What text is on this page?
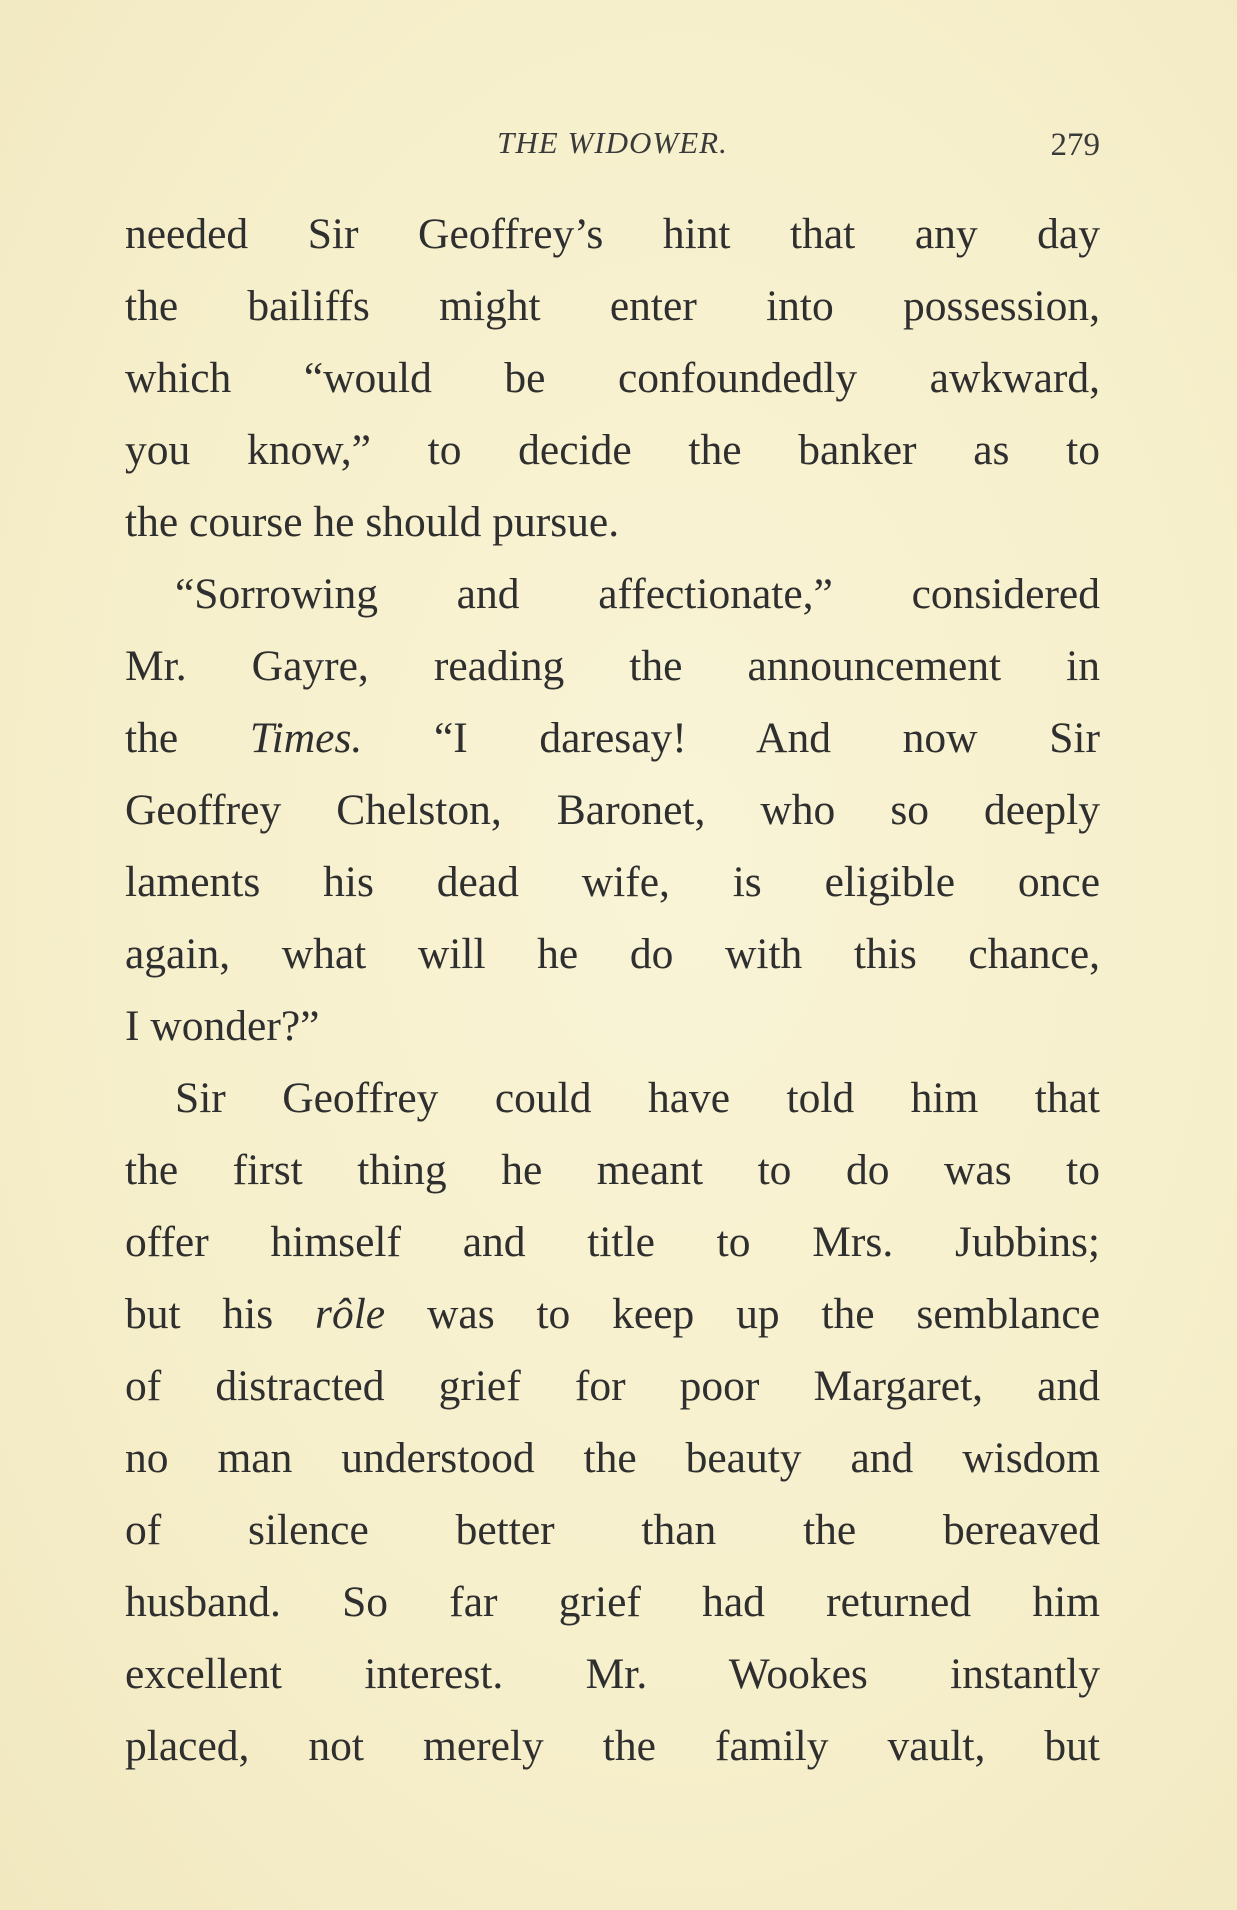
THE WIDOWER.	279
needed Sir Geoffrey’s hint that any day
the bailiffs might enter into possession,
which “would be confoundedly awkward,
you know,” to decide the banker as to
the course he should pursue.
“Sorrowing and affectionate,” considered
Mr. Gayre, reading the announcement in
the Times. “I daresay! And now Sir
Geoffrey Chelston, Baronet, who so deeply
laments his dead wife, is eligible once
again, what will he do with this chance,
I wonder?”
Sir Geoffrey could have told him that
the first thing he meant to do was to
offer himself and title to Mrs. Jubbins;
but his rôle was to keep up the semblance
of distracted grief for poor Margaret, and
no man understood the beauty and wisdom
of silence better than the bereaved
husband. So far grief had returned him
excellent interest. Mr. Wookes instantly
placed, not merely the family vault, but
